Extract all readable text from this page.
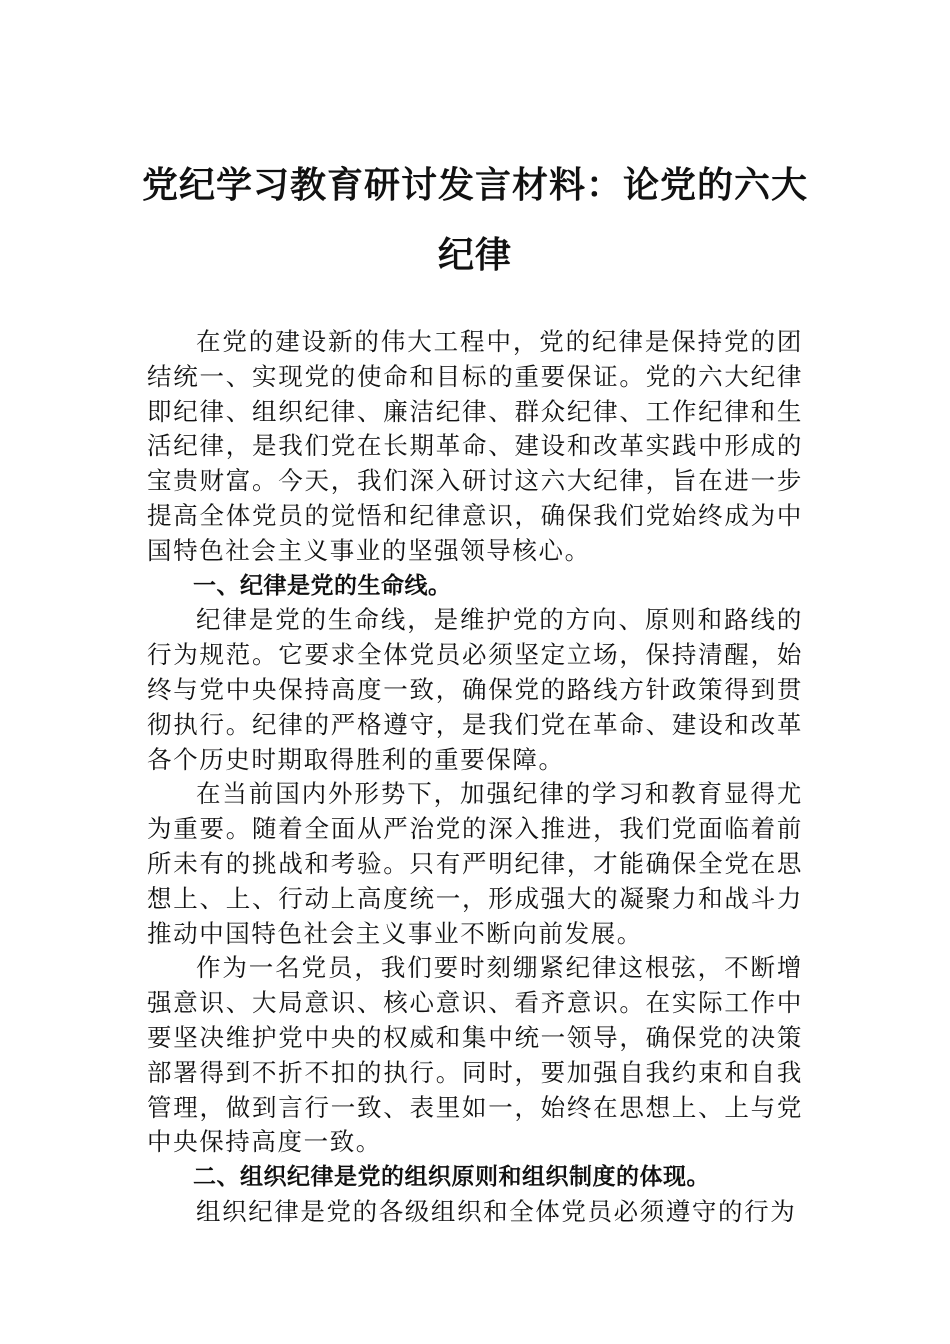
党纪学习教育研讨发言材料：论党的六大纪律

在党的建设新的伟大工程中，党的纪律是保持党的团结统一、实现党的使命和目标的重要保证。党的六大纪律即纪律、组织纪律、廉洁纪律、群众纪律、工作纪律和生活纪律，是我们党在长期革命、建设和改革实践中形成的宝贵财富。今天，我们深入研讨这六大纪律，旨在进一步提高全体党员的觉悟和纪律意识，确保我们党始终成为中国特色社会主义事业的坚强领导核心。

一、纪律是党的生命线。

纪律是党的生命线，是维护党的方向、原则和路线的行为规范。它要求全体党员必须坚定立场，保持清醒，始终与党中央保持高度一致，确保党的路线方针政策得到贯彻执行。纪律的严格遵守，是我们党在革命、建设和改革各个历史时期取得胜利的重要保障。

在当前国内外形势下，加强纪律的学习和教育显得尤为重要。随着全面从严治党的深入推进，我们党面临着前所未有的挑战和考验。只有严明纪律，才能确保全党在思想上、上、行动上高度统一，形成强大的凝聚力和战斗力推动中国特色社会主义事业不断向前发展。

作为一名党员，我们要时刻绷紧纪律这根弦，不断增强意识、大局意识、核心意识、看齐意识。在实际工作中要坚决维护党中央的权威和集中统一领导，确保党的决策部署得到不折不扣的执行。同时，要加强自我约束和自我管理，做到言行一致、表里如一，始终在思想上、上与党中央保持高度一致。

二、组织纪律是党的组织原则和组织制度的体现。

组织纪律是党的各级组织和全体党员必须遵守的行为
